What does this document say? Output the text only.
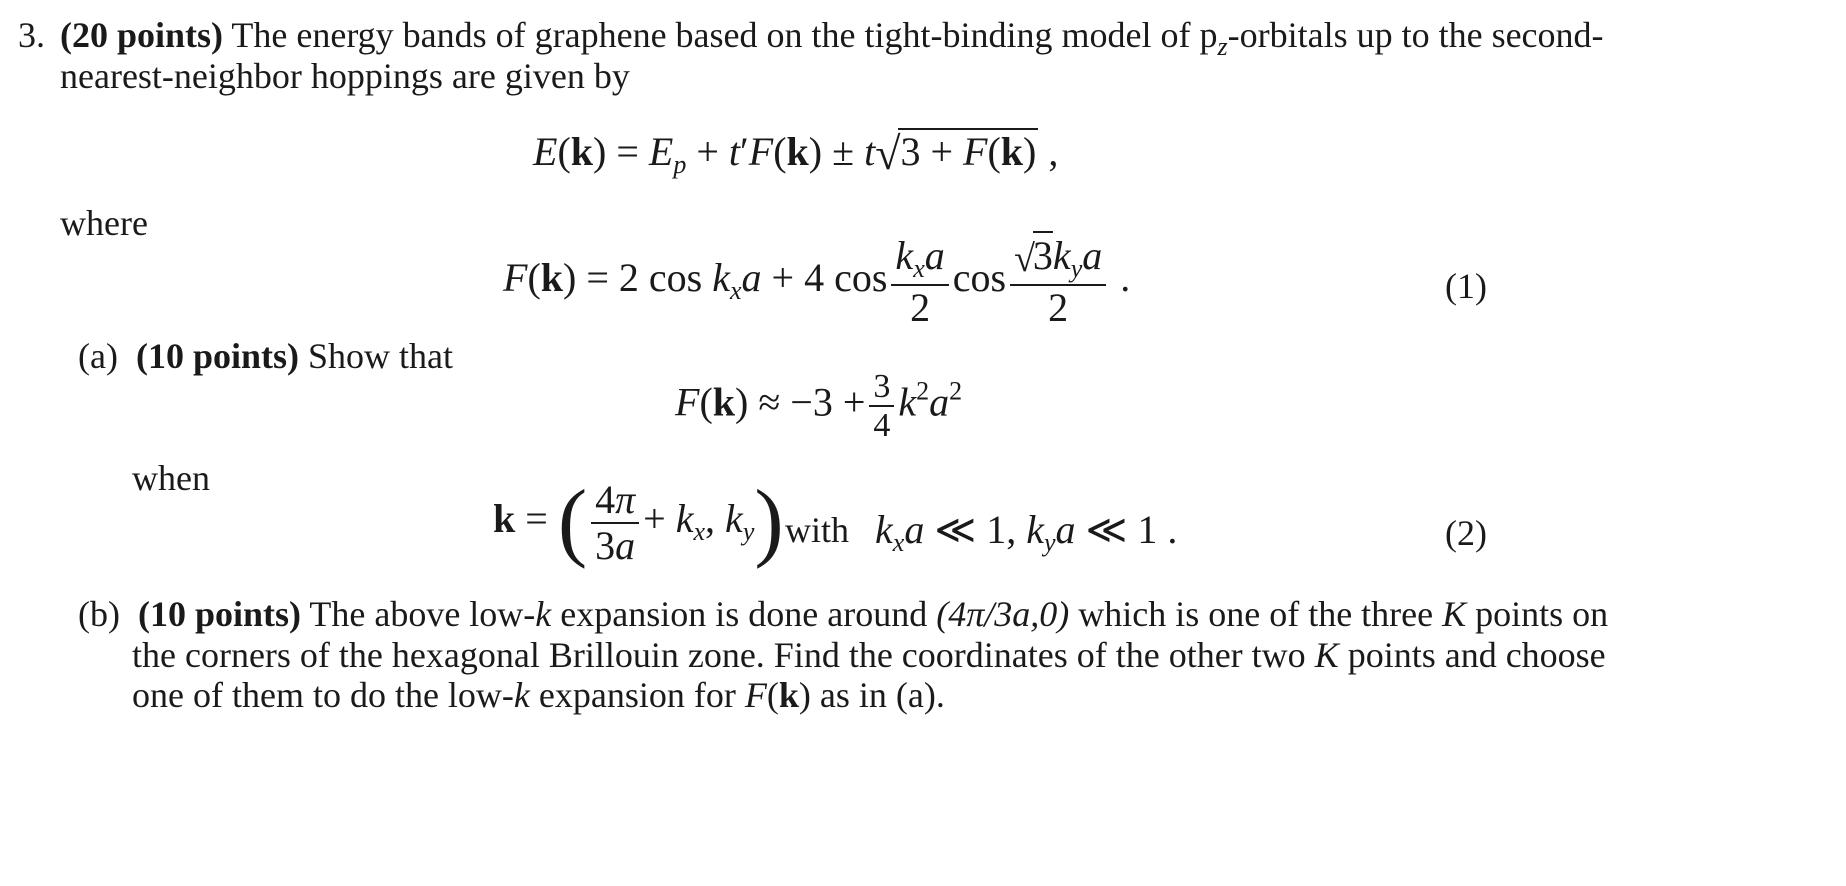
3. (20 points) The energy bands of graphene based on the tight-binding model of $p_z$-orbitals up to the second-
nearest-neighbor hoppings are given by
$E(k) = E_p + t'F(k) \pm t√3 + F(k)$ ,
where
F(k) = 2 $\cos k_xa + 4$ $\cos \frac{k_xa}{2}$ $\cos \frac{√3k_ya}{2}$ .	(1)
(a) (10 points) Show that
$F(k) \approx -3 + \frac{3}{4} k^2a^2$
when
k = ( $\frac{4\pi}{3a} + k_x$, $k_y$) with $k_xa$ ≪ 1, $k_ya$ ≪ 1 .	(2)
(b) (10 points) The above low-k expansion is done around (4π/3a,0) which is one of the three K points on
the corners of the hexagonal Brillouin zone. Find the coordinates of the other two K points and choose
one of them to do the low-k expansion for F(k) as in (a).
